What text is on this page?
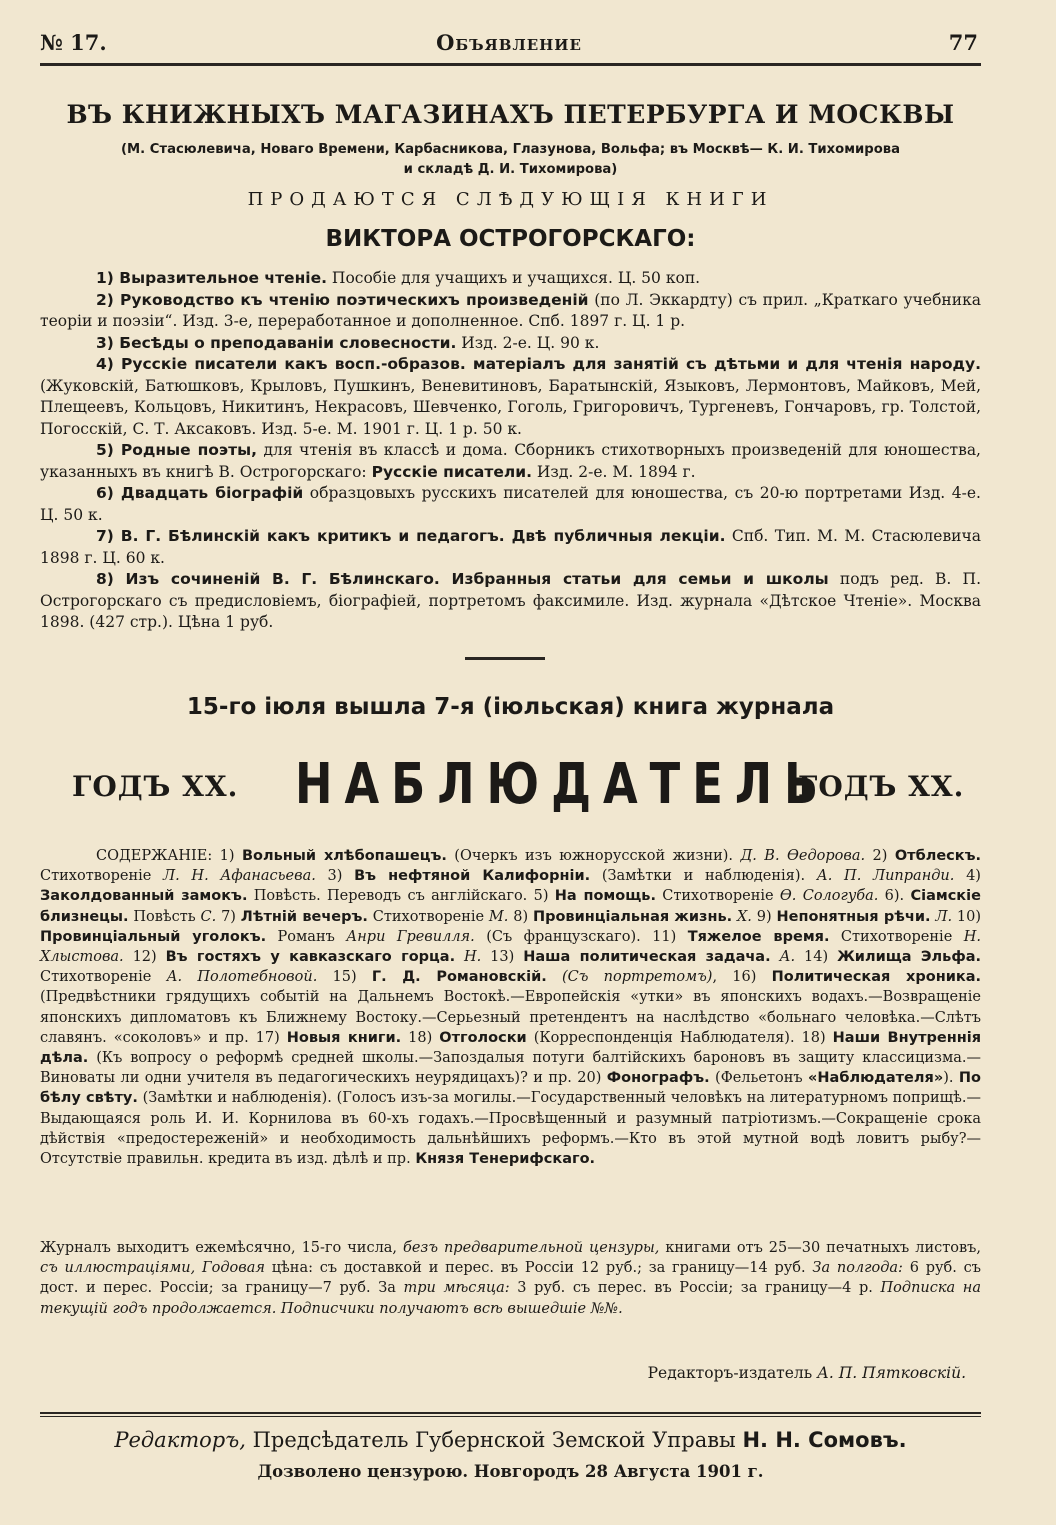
№ 17.	Объявление	77
ВЪ КНИЖНЫХЪ МАГАЗИНАХЪ ПЕТЕРБУРГА И МОСКВЫ
(М. Стасюлевича, Новаго Времени, Карбасникова, Глазунова, Вольфа; въ Москвѣ— К. И. Тихомирова
и складѣ Д. И. Тихомирова)
ПРОДАЮТСЯ СЛѢДУЮЩІЯ КНИГИ
ВИКТОРА ОСТРОГОРСКАГО:
1) Выразительное чтеніе. Пособіе для учащихъ и учащихся. Ц. 50 коп.
2) Руководство къ чтенію поэтическихъ произведеній (по Л. Эккардту) съ прил. „Краткаго учебника теоріи и поэзіи“. Изд. 3-е, переработанное и дополненное. Спб. 1897 г. Ц. 1 р.
3) Бесѣды о преподаваніи словесности. Изд. 2-е. Ц. 90 к.
4) Русскіе писатели какъ восп.-образов. матеріалъ для занятій съ дѣтьми и для чтенія народу. (Жуковскій, Батюшковъ, Крыловъ, Пушкинъ, Веневитиновъ, Баратынскій, Языковъ, Лермонтовъ, Майковъ, Мей, Плещеевъ, Кольцовъ, Никитинъ, Некрасовъ, Шевченко, Гоголь, Григоровичъ, Тургеневъ, Гончаровъ, гр. Толстой, Погосскій, С. Т. Аксаковъ. Изд. 5-е. М. 1901 г. Ц. 1 р. 50 к.
5) Родные поэты, для чтенія въ классѣ и дома. Сборникъ стихотворныхъ произведеній для юношества, указанныхъ въ книгѣ В. Острогорскаго: Русскіе писатели. Изд. 2-е. М. 1894 г.
6) Двадцать біографій образцовыхъ русскихъ писателей для юношества, съ 20-ю портретами Изд. 4-е. Ц. 50 к.
7) В. Г. Бѣлинскій какъ критикъ и педагогъ. Двѣ публичныя лекціи. Спб. Тип. М. М. Стасюлевича 1898 г. Ц. 60 к.
8) Изъ сочиненій В. Г. Бѣлинскаго. Избранныя статьи для семьи и школы подъ ред. В. П. Острогорскаго съ предисловіемъ, біографіей, портретомъ факсимиле. Изд. журнала «Дѣтское Чтеніе». Москва 1898. (427 стр.). Цѣна 1 руб.
15-го іюля вышла 7-я (іюльская) книга журнала
ГОДЪ XX. НАБЛЮДАТЕЛЬ
ГОДЪ XX.
СОДЕРЖАНІЕ: 1) Вольный хлѣбопашецъ. (Очеркъ изъ южнорусской жизни). Д. В. Ѳедорова. 2) Отблескъ. Стихотвореніе Л. Н. Афанасьева. 3) Въ нефтяной Калифорніи. (Замѣтки и наблюденія). А. П. Липранди. 4) Заколдованный замокъ. Повѣсть. Переводъ съ англійскаго. 5) На помощь. Стихотвореніе Ѳ. Сологуба. 6). Сіамскіе близнецы. Повѣсть С. 7) Лѣтній вечеръ. Стихотвореніе М. 8) Провинціальная жизнь. Х. 9) Непонятныя рѣчи. Л. 10) Провинціальный уголокъ. Романъ Анри Гревилля. (Съ французскаго). 11) Тяжелое время. Стихотвореніе Н. Хлыстова. 12) Въ гостяхъ у кавказскаго горца. Н. 13) Наша политическая задача. А. 14) Жилища Эльфа. Стихотвореніе А. Полотебновой. 15) Г. Д. Романовскій. (Съ портретомъ), 16) Политическая хроника. (Предвѣстники грядущихъ событій на Дальнемъ Востокѣ.—Европейскія «утки» въ японскихъ водахъ.—Возвращеніе японскихъ дипломатовъ къ Ближнему Востоку.—Серьезный претендентъ на наслѣдство «больнаго человѣка.—Слѣтъ славянъ. «соколовъ» и пр. 17) Новыя книги. 18) Отголоски (Корреспонденція Наблюдателя). 18) Наши Внутреннія дѣла. (Къ вопросу о реформѣ средней школы.—Запоздалыя потуги балтійскихъ бароновъ въ защиту классицизма.—Виноваты ли одни учителя въ педагогическихъ неурядицахъ)? и пр. 20) Фонографъ. (Фельетонъ «Наблюдателя»). По бѣлу свѣту. (Замѣтки и наблюденія). (Голосъ изъ-за могилы.—Государственный человѣкъ на литературномъ поприщѣ.—Выдающаяся роль И. И. Корнилова въ 60-хъ годахъ.—Просвѣщенный и разумный патріотизмъ.—Сокращеніе срока дѣйствія «предостереженій» и необходимость дальнѣйшихъ реформъ.—Кто въ этой мутной водѣ ловитъ рыбу?—Отсутствіе правильн. кредита въ изд. дѣлѣ и пр. Князя Тенерифскаго.
Журналъ выходитъ ежемѣсячно, 15-го числа, безъ предварительной цензуры, книгами отъ 25—30 печатныхъ листовъ, съ иллюстраціями, Годовая цѣна: съ доставкой и перес. въ Россіи 12 руб.; за границу—14 руб. За полгода: 6 руб. съ дост. и перес. Россіи; за границу—7 руб. За три мѣсяца: 3 руб. съ перес. въ Россіи; за границу—4 р. Подписка на текущій годъ продолжается. Подписчики получаютъ всѣ вышедшіе №№.
Редакторъ-издатель А. П. Пятковскій.
Редакторъ, Предсѣдатель Губернской Земской Управы Н. Н. Сомовъ.
Дозволено цензурою. Новгородъ 28 Августа 1901 г.
